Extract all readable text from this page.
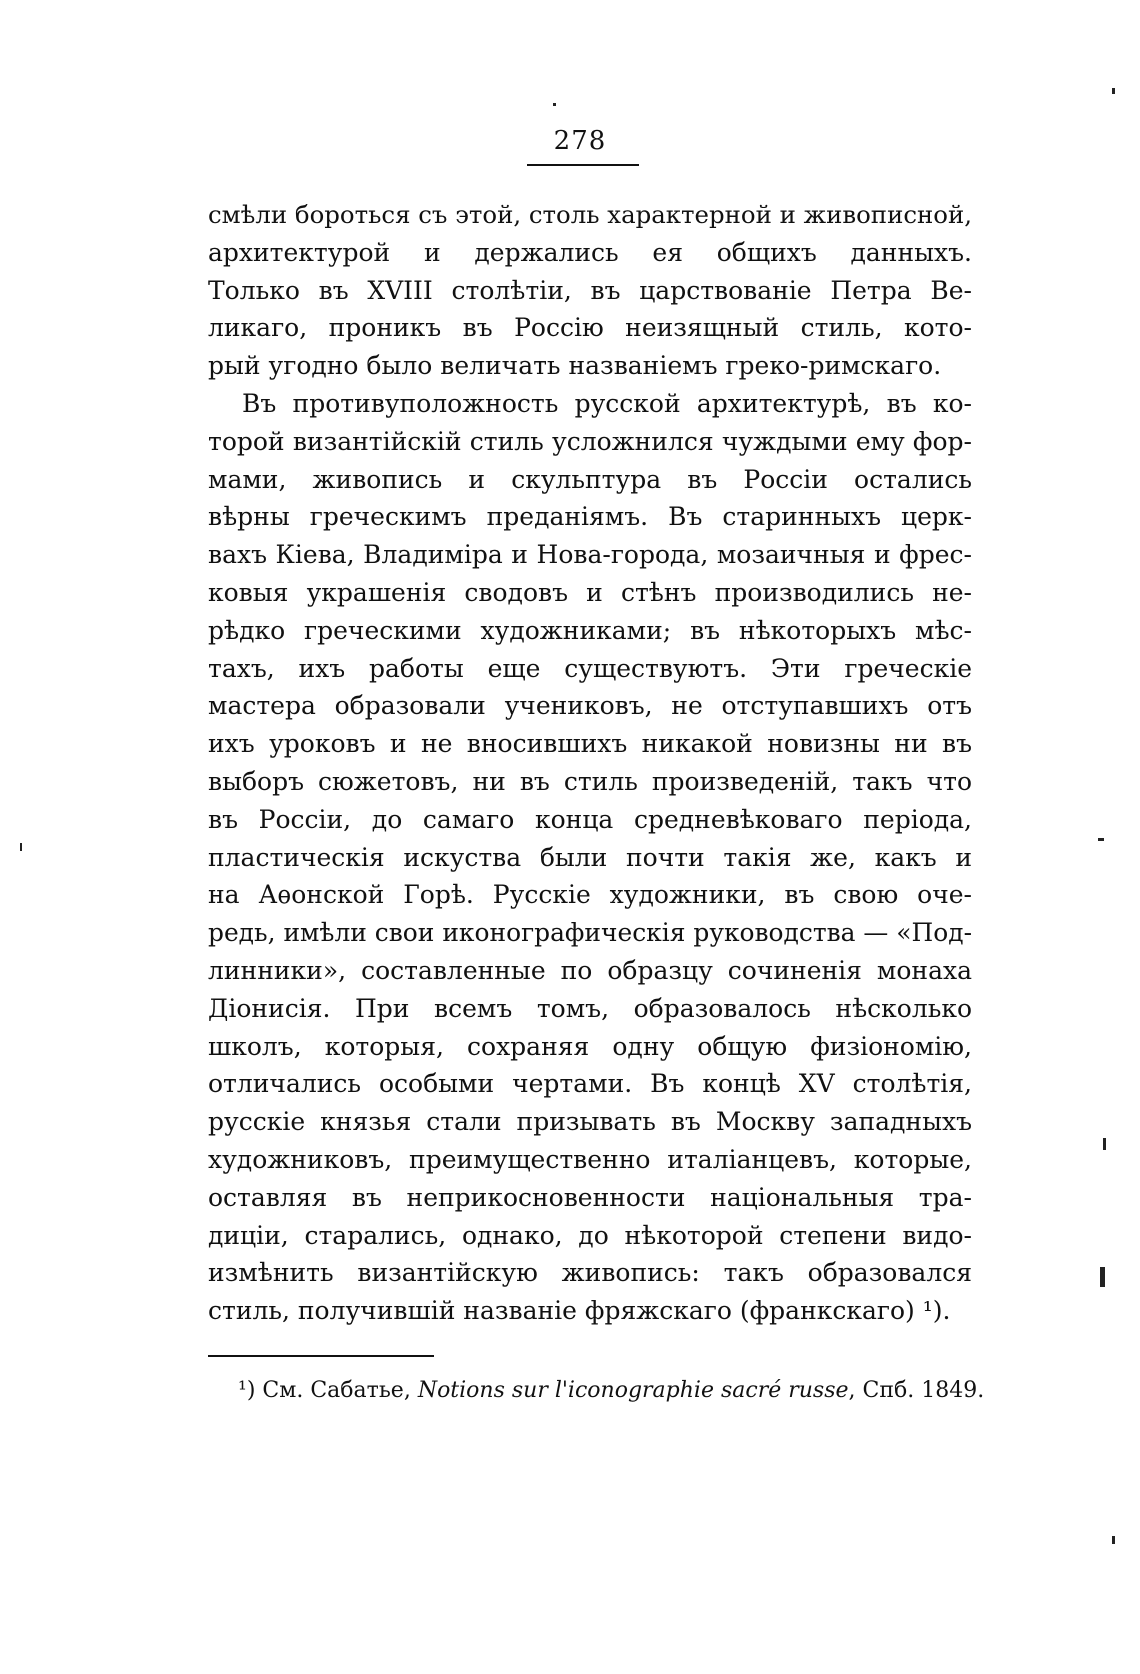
278
смѣли бороться съ этой, столь характерной и живописной,
архитектурой и держались ея общихъ данныхъ.
Только въ XVIII столѣтіи, въ царствованіе Петра Ве-
ликаго, проникъ въ Россію неизящный стиль, кото-
рый угодно было величать названіемъ греко-римскаго.
Въ противуположность русской архитектурѣ, въ ко-
торой византійскій стиль усложнился чуждыми ему фор-
мами, живопись и скульптура въ Россіи остались
вѣрны греческимъ преданіямъ. Въ старинныхъ церк-
вахъ Кіева, Владиміра и Нова-города, мозаичныя и фрес-
ковыя украшенія сводовъ и стѣнъ производились не-
рѣдко греческими художниками; въ нѣкоторыхъ мѣс-
тахъ, ихъ работы еще существуютъ. Эти греческіе
мастера образовали учениковъ, не отступавшихъ отъ
ихъ уроковъ и не вносившихъ никакой новизны ни въ
выборъ сюжетовъ, ни въ стиль произведеній, такъ что
въ Россіи, до самаго конца средневѣковаго періода,
пластическія искуства были почти такія же, какъ и
на Аѳонской Горѣ. Русскіе художники, въ свою оче-
редь, имѣли свои иконографическія руководства — «Под-
линники», составленные по образцу сочиненія монаха
Діонисія. При всемъ томъ, образовалось нѣсколько
школъ, которыя, сохраняя одну общую физіономію,
отличались особыми чертами. Въ концѣ XV столѣтія,
русскіе князья стали призывать въ Москву западныхъ
художниковъ, преимущественно италіанцевъ, которые,
оставляя въ неприкосновенности національныя тра-
диціи, старались, однако, до нѣкоторой степени видо-
измѣнить византійскую живопись: такъ образовался
стиль, получившій названіе фряжскаго (франкскаго) ¹).
¹) См. Сабатье, Notions sur l'iconographie sacré russe, Спб. 1849.
